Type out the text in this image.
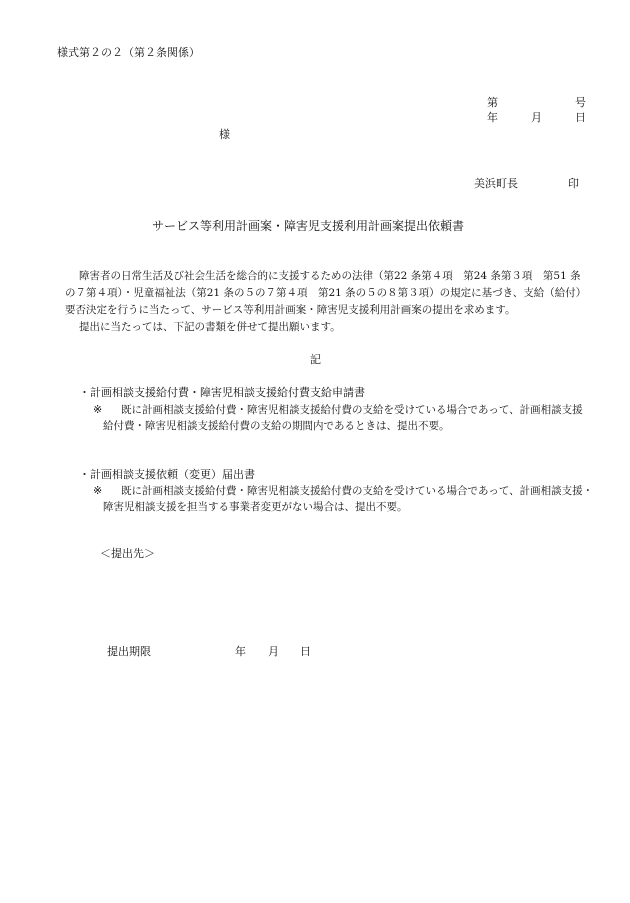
様式第２の２（第２条関係）
第	号
年	月	日
様
美浜町長	印
サービス等利用計画案・障害児支援利用計画案提出依頼書
障害者の日常生活及び社会生活を総合的に支援するための法律（第22 条第４項　第24 条第３項　第51 条
の７第４項）・児童福祉法（第21 条の５の７第４項　第21 条の５の８第３項）の規定に基づき、支給（給付）
要否決定を行うに当たって、サービス等利用計画案・障害児支援利用計画案の提出を求めます。
提出に当たっては、下記の書類を併せて提出願います。
記
・計画相談支援給付費・障害児相談支援給付費支給申請書
※ 既に計画相談支援給付費・障害児相談支援給付費の支給を受けている場合であって、計画相談支援
給付費・障害児相談支援給付費の支給の期間内であるときは、提出不要。
・計画相談支援依頼（変更）届出書
※ 既に計画相談支援給付費・障害児相談支援給付費の支給を受けている場合であって、計画相談支援・
障害児相談支援を担当する事業者変更がない場合は、提出不要。
＜提出先＞
提出期限	年 月 日
